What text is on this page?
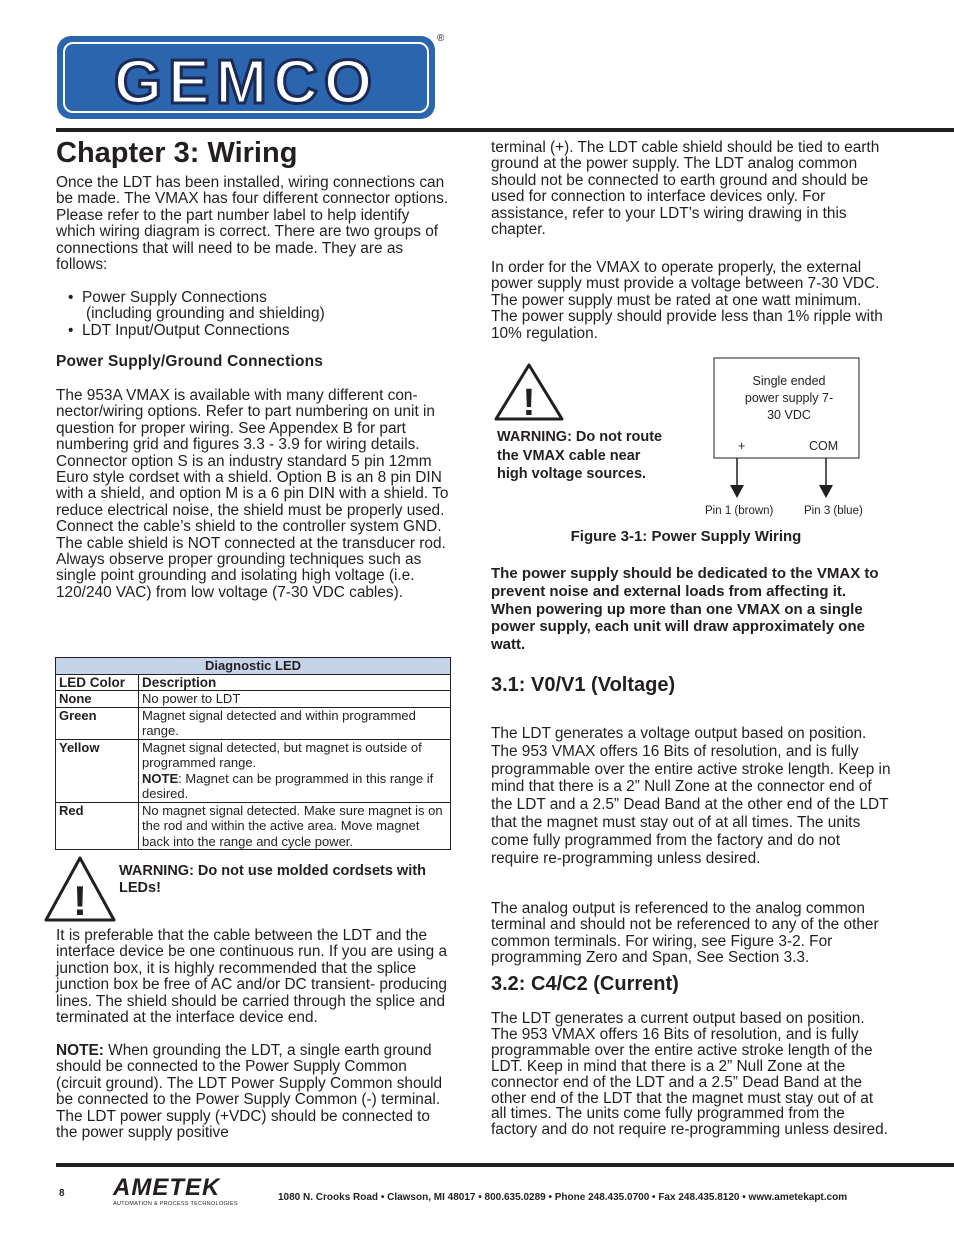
GEMCO
®
Chapter 3: Wiring

Once the LDT has been installed, wiring connections can be made. The VMAX has four different connector options. Please refer to the part number label to help identify which wiring diagram is correct. There are two groups of connections that will need to be made. They are as follows:

• Power Supply Connections
(including grounding and shielding)
• LDT Input/Output Connections
Power Supply/Ground Connections

The 953A VMAX is available with many different con- nector/wiring options. Refer to part numbering on unit in question for proper wiring. See Appendex B for part numbering grid and figures 3.3 - 3.9 for wiring details. Connector option S is an industry standard 5 pin 12mm Euro style cordset with a shield. Option B is an 8 pin DIN with a shield, and option M is a 6 pin DIN with a shield. To reduce electrical noise, the shield must be properly used. Connect the cable’s shield to the controller system GND. The cable shield is NOT connected at the transducer rod. Always observe proper grounding techniques such as single point grounding and isolating high voltage (i.e. 120/240 VAC) from low voltage (7-30 VDC cables).

Diagnostic LED	
LED Color	Description
None	No power to LDT
Green	Magnet signal detected and within programmed range.
Yellow	Magnet signal detected, but magnet is outside of programmed range.
NOTE: Magnet can be programmed in this range if desired.
Red	No magnet signal detected. Make sure magnet is on the rod and within the active area. Move magnet back into the range and cycle power.
!

WARNING: Do not use molded cordsets with LEDs!

It is preferable that the cable between the LDT and the interface device be one continuous run. If you are using a junction box, it is highly recommended that the splice junction box be free of AC and/or DC transient- producing lines. The shield should be carried through the splice and terminated at the interface device end.

NOTE: When grounding the LDT, a single earth ground should be connected to the Power Supply Common (circuit ground). The LDT Power Supply Common should be connected to the Power Supply Common (-) terminal. The LDT power supply (+VDC) should be connected to the power supply positive

terminal (+). The LDT cable shield should be tied to earth ground at the power supply. The LDT analog common should not be connected to earth ground and should be used for connection to interface devices only. For assistance, refer to your LDT’s wiring drawing in this chapter.

In order for the VMAX to operate properly, the external power supply must provide a voltage between 7-30 VDC. The power supply must be rated at one watt minimum. The power supply should provide less than 1% ripple with 10% regulation.

!

WARNING: Do not route the VMAX cable near high voltage sources.

Single ended power supply 7-30 VDC
+	COM
Pin 1 (brown)	Pin 3 (blue)
Figure 3-1: Power Supply Wiring

The power supply should be dedicated to the VMAX to prevent noise and external loads from affecting it. When powering up more than one VMAX on a single power supply, each unit will draw approximately one watt.

3.1: V0/V1 (Voltage)

The LDT generates a voltage output based on position. The 953 VMAX offers 16 Bits of resolution, and is fully programmable over the entire active stroke length. Keep in mind that there is a 2” Null Zone at the connector end of the LDT and a 2.5” Dead Band at the other end of the LDT that the magnet must stay out of at all times. The units come fully programmed from the factory and do not require re-programming unless desired.

The analog output is referenced to the analog common terminal and should not be referenced to any of the other common terminals. For wiring, see Figure 3-2. For programming Zero and Span, See Section 3.3.

3.2: C4/C2 (Current)

The LDT generates a current output based on position. The 953 VMAX offers 16 Bits of resolution, and is fully programmable over the entire active stroke length of the LDT. Keep in mind that there is a 2” Null Zone at the connector end of the LDT and a 2.5” Dead Band at the other end of the LDT that the magnet must stay out of at all times. The units come fully programmed from the factory and do not require re-programming unless desired.

8 AMETEK
AUTOMATION & PROCESS TECHNOLOGIES
1080 N. Crooks Road • Clawson, MI 48017 • 800.635.0289 • Phone 248.435.0700 • Fax 248.435.8120 • www.ametekapt.com
